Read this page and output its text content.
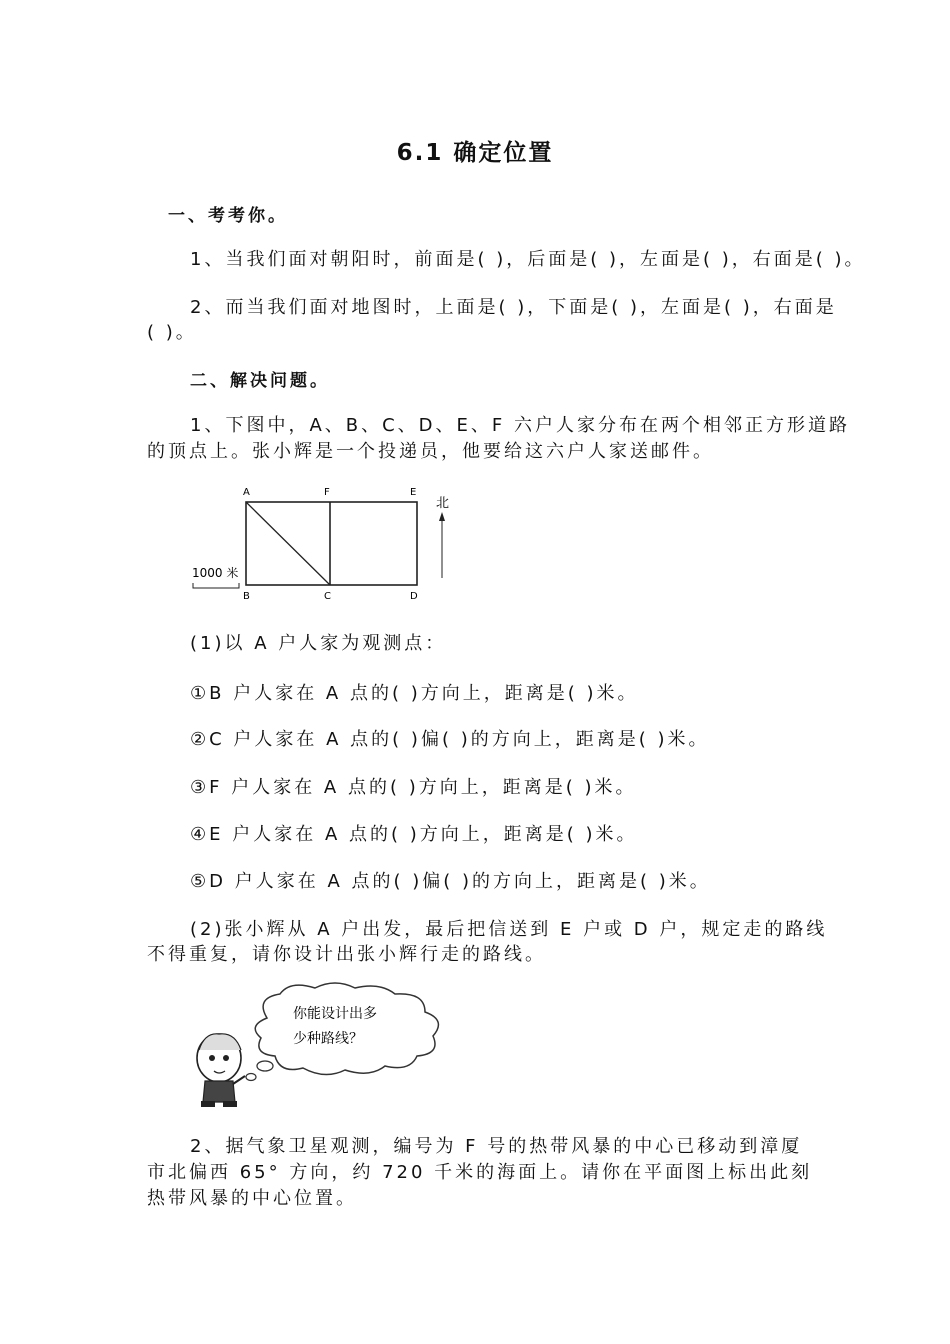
6.1 确定位置
一、考考你。
1、当我们面对朝阳时，前面是( )，后面是( )，左面是( )，右面是( )。
2、而当我们面对地图时，上面是( )，下面是( )，左面是( )，右面是
( )。
二、解决问题。
1、下图中，A、B、C、D、E、F 六户人家分布在两个相邻正方形道路
的顶点上。张小辉是一个投递员，他要给这六户人家送邮件。
A	F	E
B	C	D
北
1000 米
(1)以 A 户人家为观测点：
①B 户人家在 A 点的( )方向上，距离是( )米。
②C 户人家在 A 点的( )偏( )的方向上，距离是( )米。
③F 户人家在 A 点的( )方向上，距离是( )米。
④E 户人家在 A 点的( )方向上，距离是( )米。
⑤D 户人家在 A 点的( )偏( )的方向上，距离是( )米。
(2)张小辉从 A 户出发，最后把信送到 E 户或 D 户，规定走的路线
不得重复，请你设计出张小辉行走的路线。
你能设计出多
少种路线？
2、据气象卫星观测，编号为 F 号的热带风暴的中心已移动到漳厦
市北偏西 65° 方向，约 720 千米的海面上。请你在平面图上标出此刻
热带风暴的中心位置。
